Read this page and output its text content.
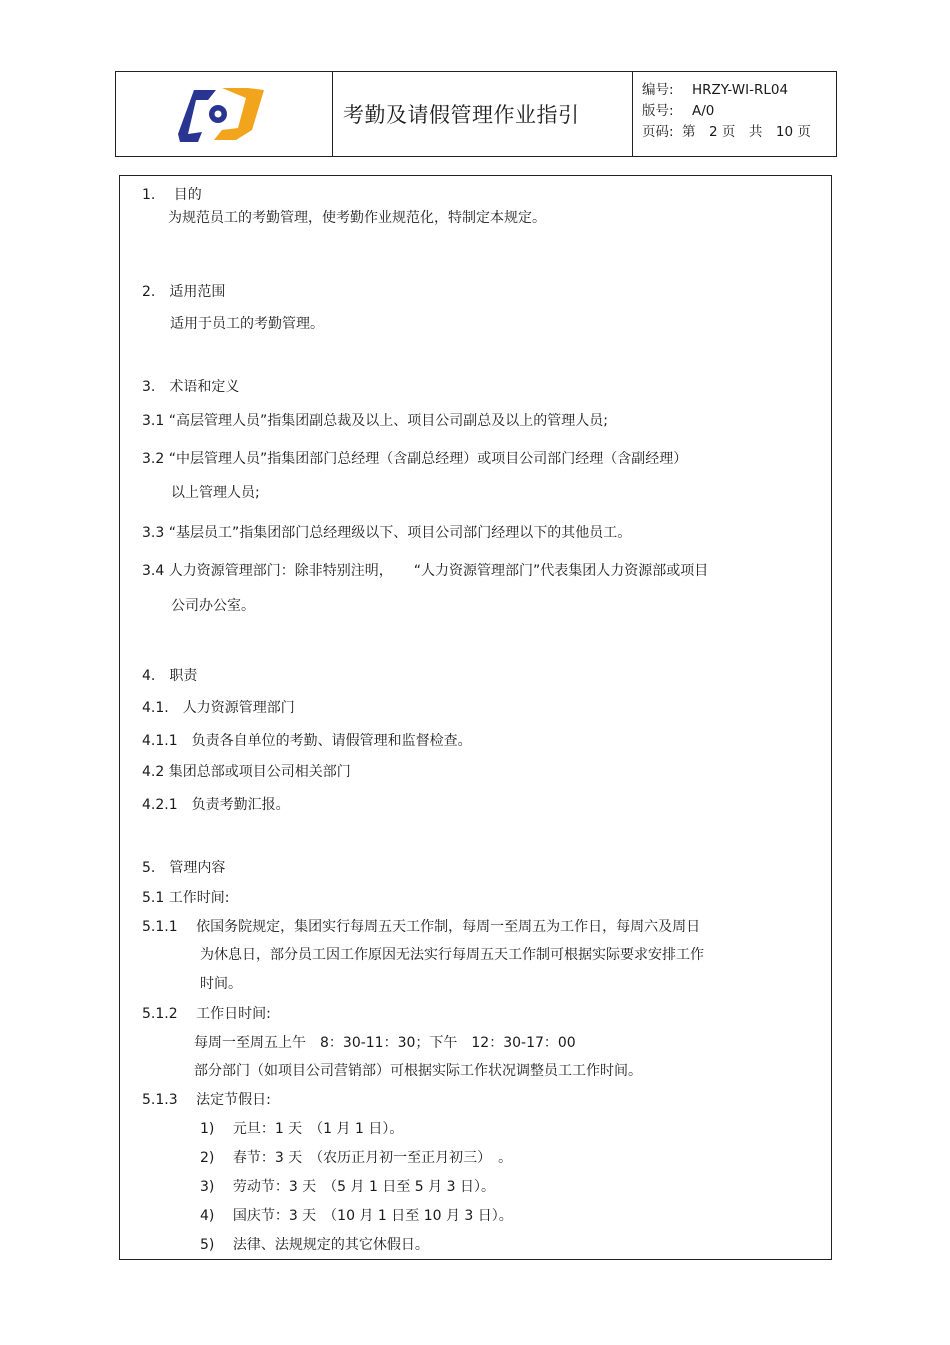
考勤及请假管理作业指引
编号:	HRZY-WI-RL04
版号:	A/0
页码: 第　2 页　共　10 页
1.　 目的
为规范员工的考勤管理，使考勤作业规范化，特制定本规定。
2.　适用范围
适用于员工的考勤管理。
3.　术语和定义
3.1 “高层管理人员”指集团副总裁及以上、项目公司副总及以上的管理人员;
3.2 “中层管理人员”指集团部门总经理（含副总经理）或项目公司部门经理（含副经理）
以上管理人员;
3.3 “基层员工”指集团部门总经理级以下、项目公司部门经理以下的其他员工。
3.4 人力资源管理部门：除非特别注明，　　“人力资源管理部门”代表集团人力资源部或项目
公司办公室。
4.　职责
4.1.　人力资源管理部门
4.1.1　负责各自单位的考勤、请假管理和监督检查。
4.2 集团总部或项目公司相关部门
4.2.1　负责考勤汇报。
5.　管理内容
5.1 工作时间:
5.1.1　 依国务院规定，集团实行每周五天工作制，每周一至周五为工作日，每周六及周日
为休息日，部分员工因工作原因无法实行每周五天工作制可根据实际要求安排工作
时间。
5.1.2　 工作日时间:
每周一至周五上午　8：30-11：30；下午　12：30-17：00
部分部门（如项目公司营销部）可根据实际工作状况调整员工工作时间。
5.1.3　 法定节假日:
1)　 元旦：1 天　（1 月 1 日）。
2)　 春节：3 天　（农历正月初一至正月初三）　。
3)　 劳动节：3 天　（5 月 1 日至 5 月 3 日）。
4)　 国庆节：3 天　（10 月 1 日至 10 月 3 日）。
5)　 法律、法规规定的其它休假日。
